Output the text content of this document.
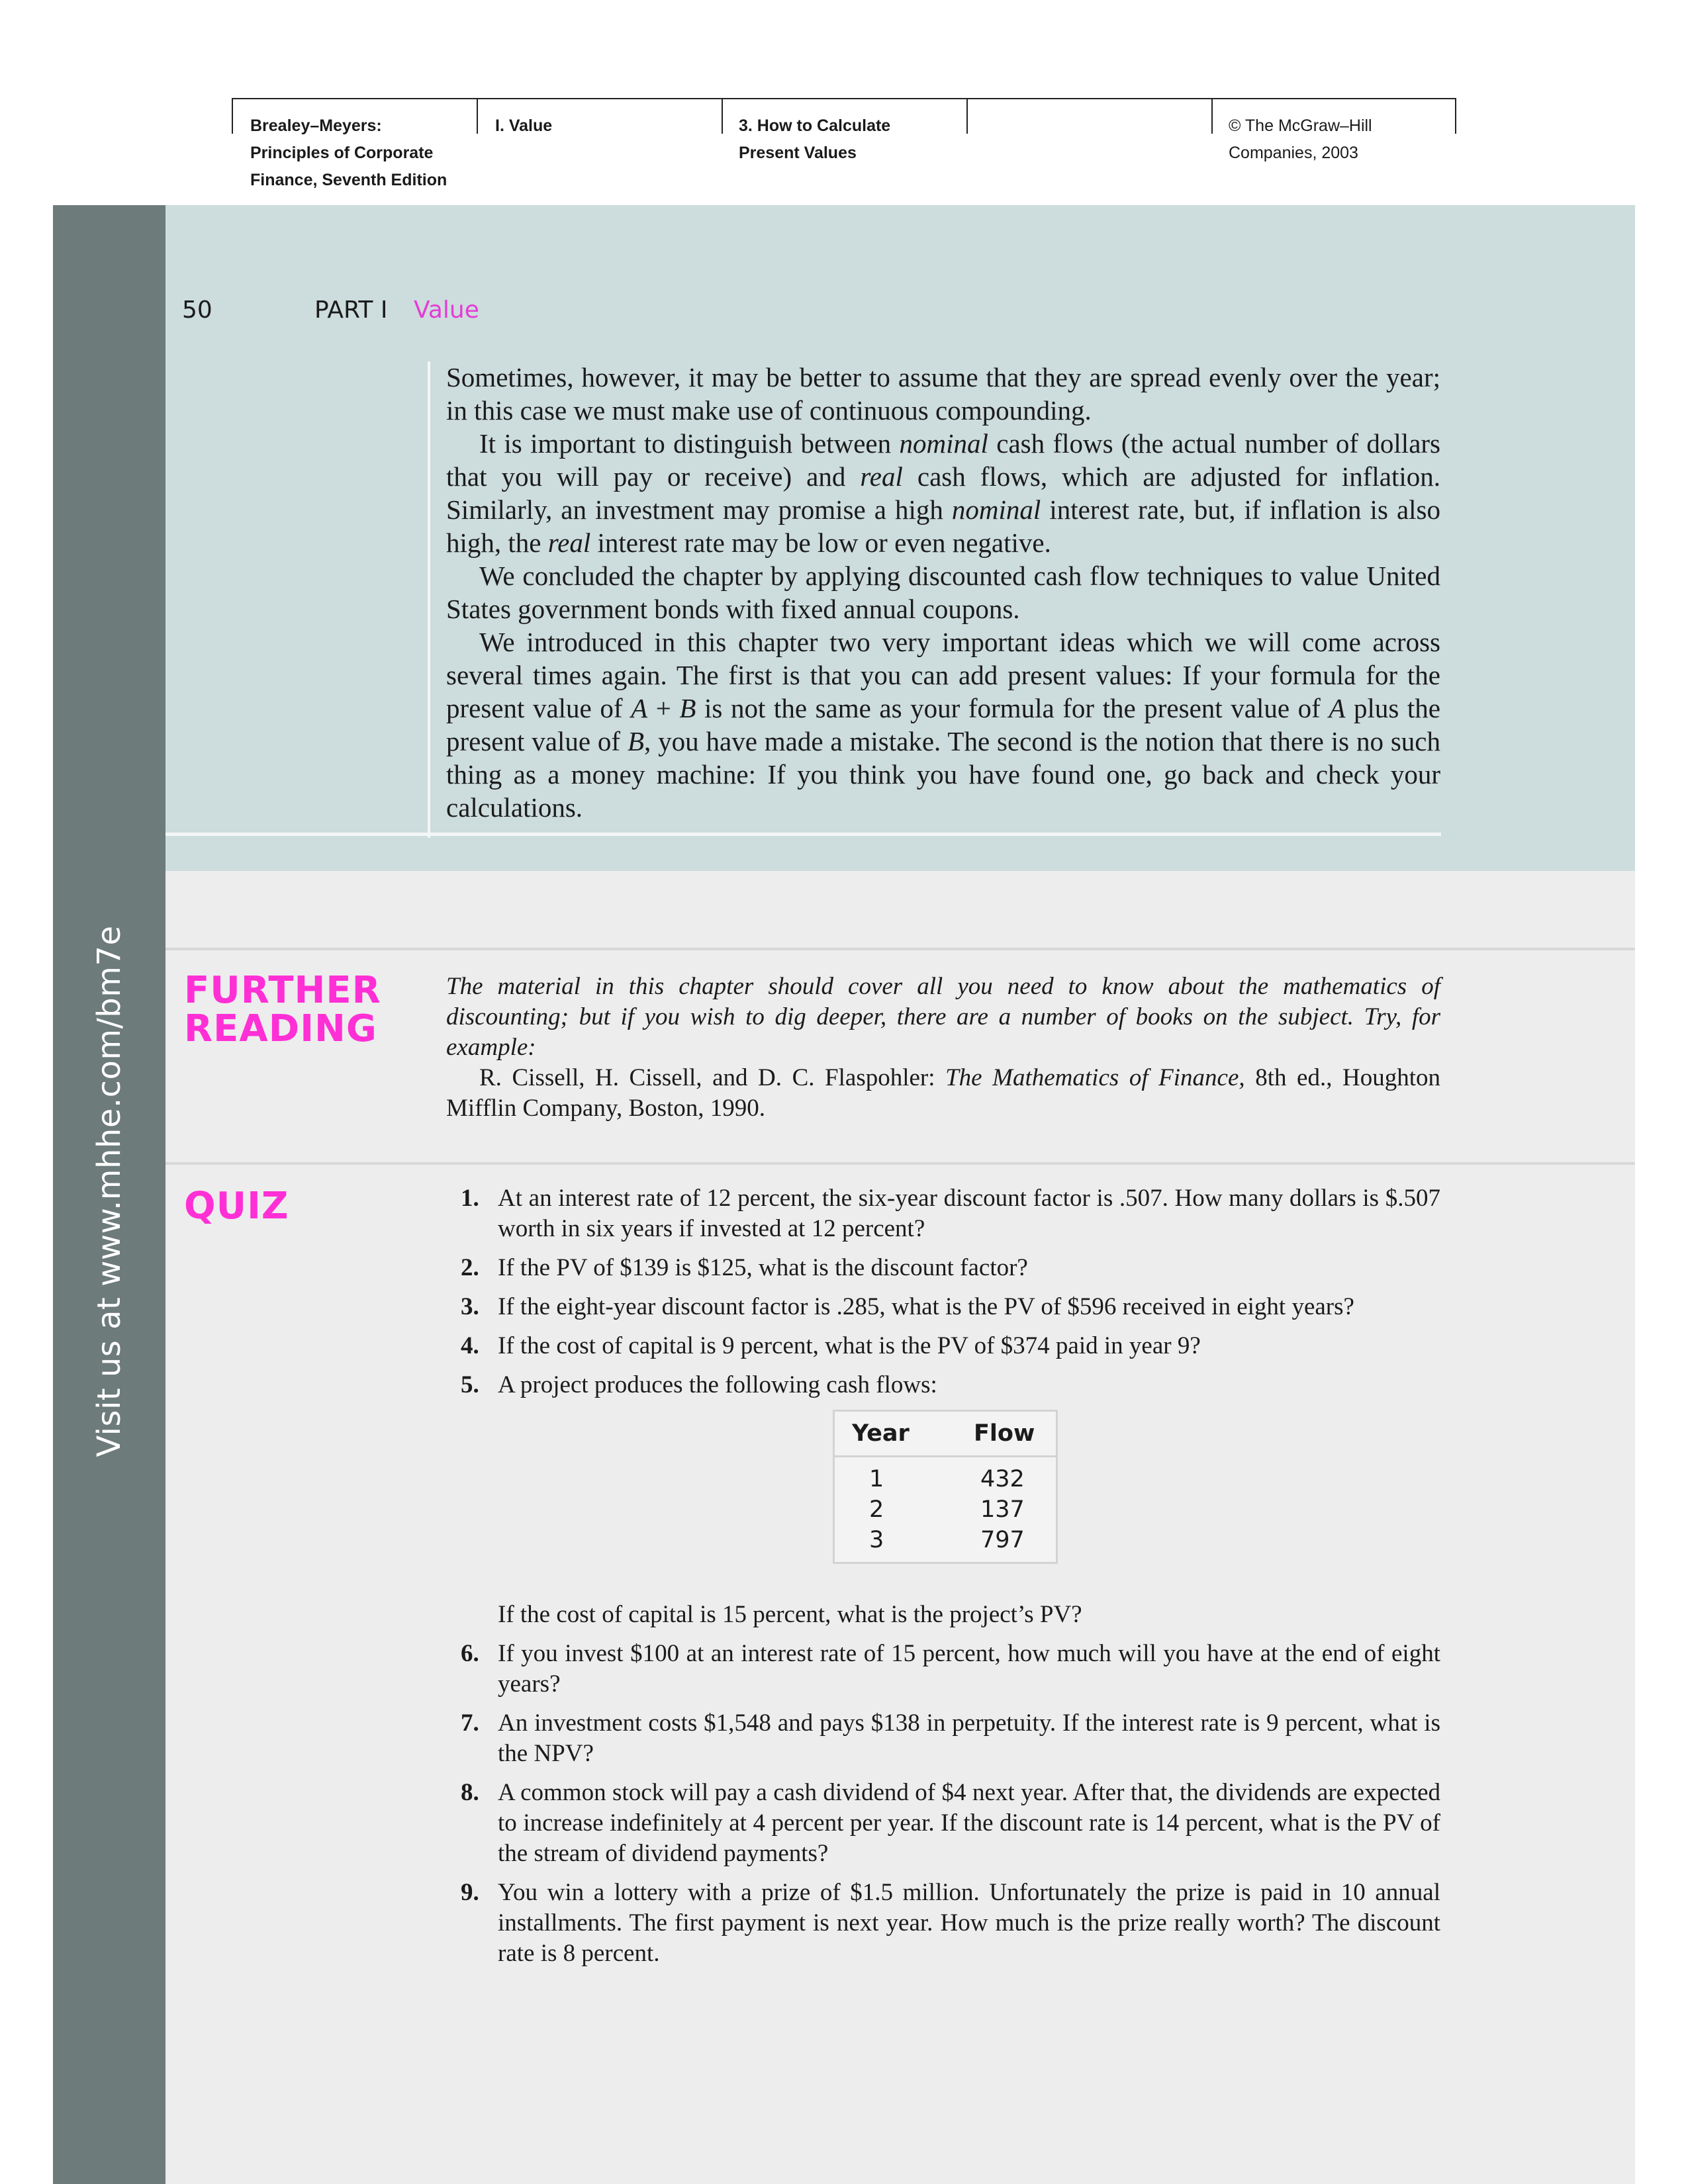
Brealey–Meyers:
Principles of Corporate
Finance, Seventh Edition
I. Value	3. How to Calculate
Present Values
© The McGraw–Hill
Companies, 2003
Visit us at www.mhhe.com/bm7e
50	PART I Value

Sometimes, however, it may be better to assume that they are spread evenly over the year; in this case we must make use of continuous compounding.

It is important to distinguish between nominal cash flows (the actual number of dollars that you will pay or receive) and real cash flows, which are adjusted for inflation. Similarly, an investment may promise a high nominal interest rate, but, if inflation is also high, the real interest rate may be low or even negative.

We concluded the chapter by applying discounted cash flow techniques to value United States government bonds with fixed annual coupons.

We introduced in this chapter two very important ideas which we will come across several times again. The first is that you can add present values: If your formula for the present value of A + B is not the same as your formula for the present value of A plus the present value of B, you have made a mistake. The second is the notion that there is no such thing as a money machine: If you think you have found one, go back and check your calculations.

FURTHER
READING

The material in this chapter should cover all you need to know about the mathematics of discounting; but if you wish to dig deeper, there are a number of books on the subject. Try, for example:

R. Cissell, H. Cissell, and D. C. Flaspohler: The Mathematics of Finance, 8th ed., Houghton Mifflin Company, Boston, 1990.

QUIZ	1. At an interest rate of 12 percent, the six-year discount factor is .507. How many dollars is $.507 worth in six years if invested at 12 percent?
2. If the PV of $139 is $125, what is the discount factor?
3. If the eight-year discount factor is .285, what is the PV of $596 received in eight years?
4. If the cost of capital is 9 percent, what is the PV of $374 paid in year 9?
5. A project produces the following cash flows:
Year	Flow
1	432
2	137
3	797
If the cost of capital is 15 percent, what is the project’s PV?
6. If you invest $100 at an interest rate of 15 percent, how much will you have at the end of eight years?
7. An investment costs $1,548 and pays $138 in perpetuity. If the interest rate is 9 percent, what is the NPV?
8. A common stock will pay a cash dividend of $4 next year. After that, the dividends are expected to increase indefinitely at 4 percent per year. If the discount rate is 14 percent, what is the PV of the stream of dividend payments?
9. You win a lottery with a prize of $1.5 million. Unfortunately the prize is paid in 10 annual installments. The first payment is next year. How much is the prize really worth? The discount rate is 8 percent.
